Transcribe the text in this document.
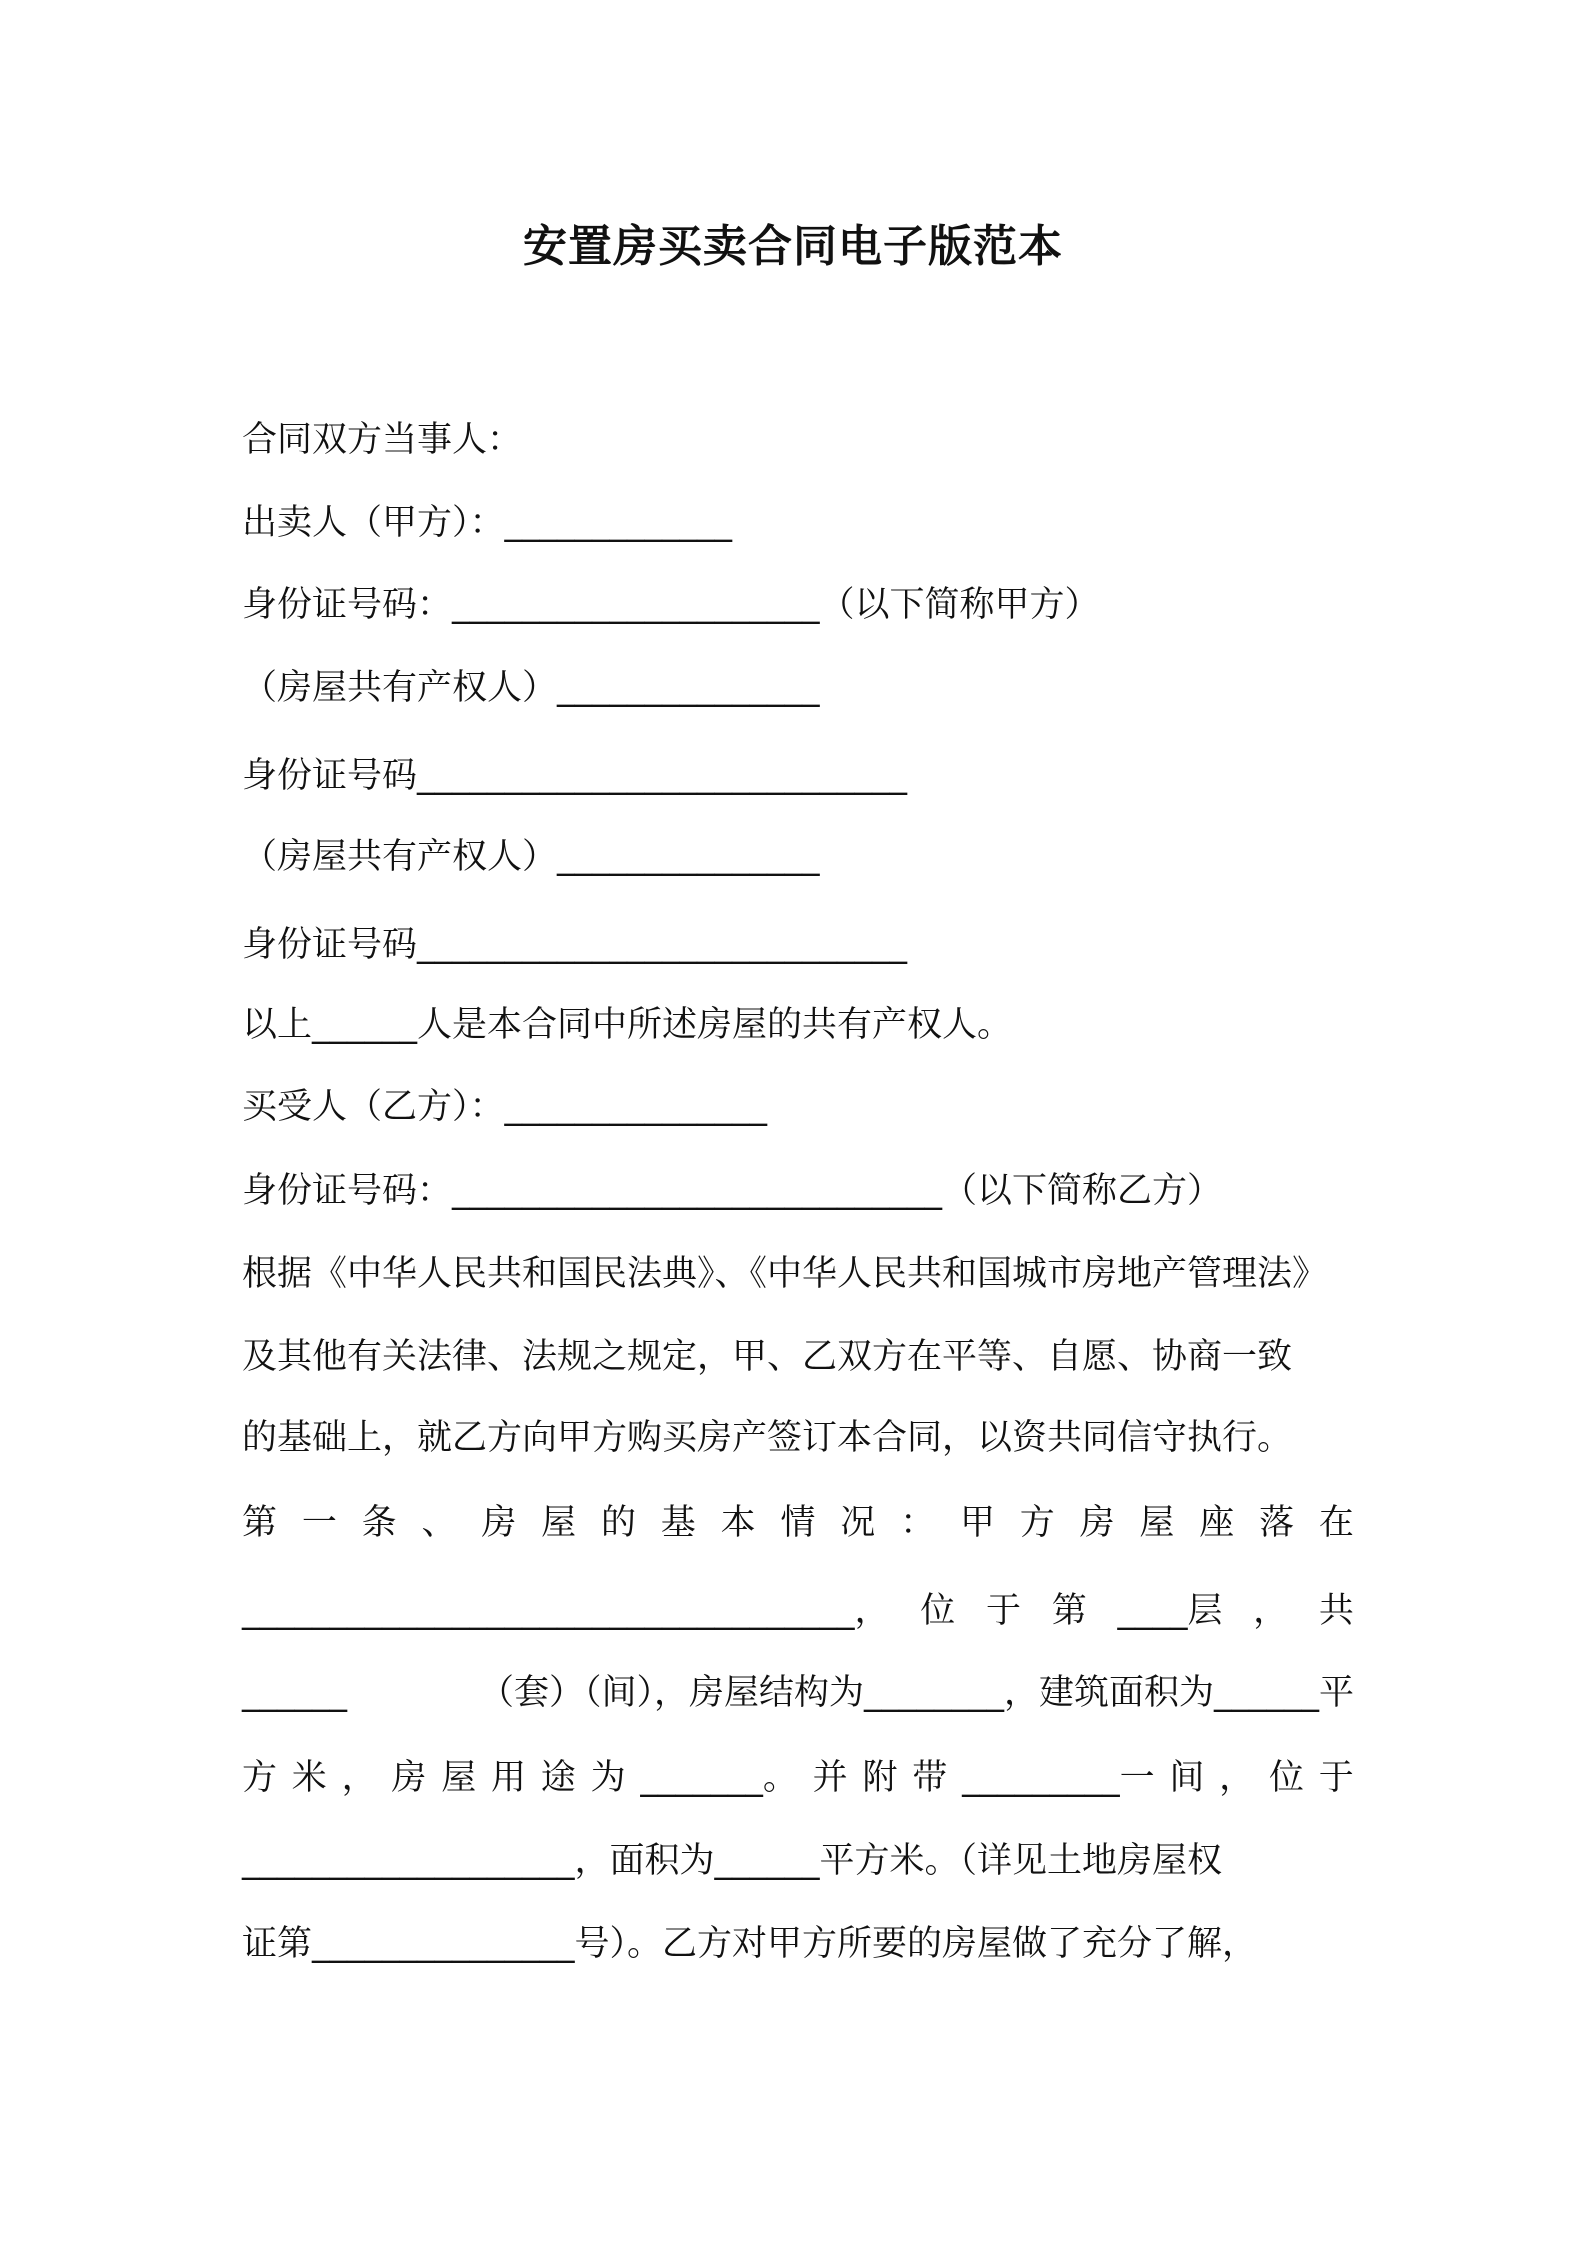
安置房买卖合同电子版范本
合同双方当事人：
出卖人（甲方）：_____________
身份证号码：_____________________（以下简称甲方）
（房屋共有产权人）_______________
身份证号码____________________________
（房屋共有产权人）_______________
身份证号码____________________________
以上______人是本合同中所述房屋的共有产权人。
买受人（乙方）：_______________
身份证号码：____________________________（以下简称乙方）
根据《中华人民共和国民法典》、《中华人民共和国城市房地产管理法》
及其他有关法律、法规之规定，甲、乙双方在平等、自愿、协商一致
的基础上，就乙方向甲方购买房产签订本合同，以资共同信守执行。
第 一 条 、 房 屋 的 基 本 情 况 ： 甲 方 房 屋 座 落 在
___________________________________， 位 于 第 ____层 ， 共
______	（套）（间），房屋结构为________，建筑面积为______平
方 米 ， 房 屋 用 途 为 _______。 并 附 带 _________一 间 ， 位 于
___________________，面积为______平方米。（详见土地房屋权
证第_______________号）。乙方对甲方所要的房屋做了充分了解，
